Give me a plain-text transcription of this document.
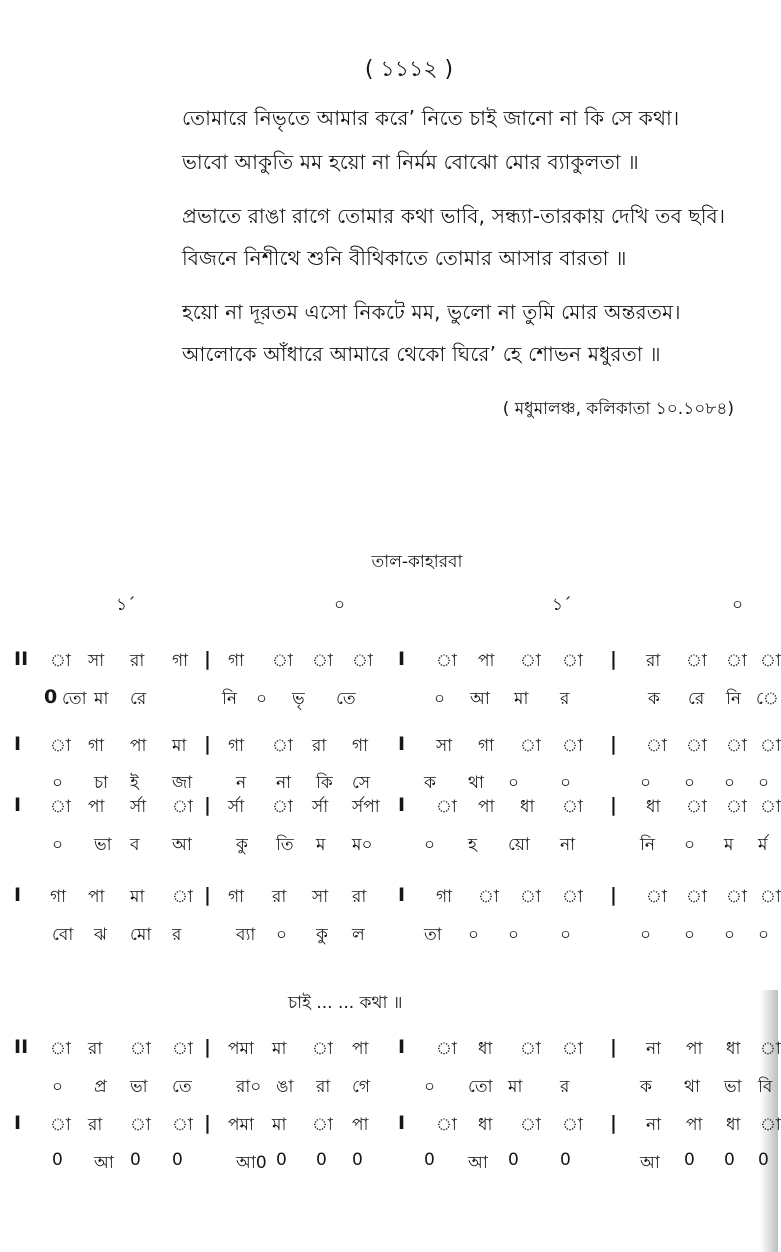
( ১১১২ )
তোমারে নিভৃতে আমার করে’ নিতে চাই জানো না কি সে কথা।
ভাবো আকুতি মম হয়ো না নির্মম বোঝো মোর ব্যাকুলতা ॥
প্রভাতে রাঙা রাগে তোমার কথা ভাবি, সন্ধ্যা-তারকায় দেখি তব ছবি।
বিজনে নিশীথে শুনি বীথিকাতে তোমার আসার বারতা ॥
হয়ো না দূরতম এসো নিকটে মম, ভুলো না তুমি মোর অন্তরতম।
আলোকে আঁধারে আমারে থেকো ঘিরে’ হে শোভন মধুরতা ॥
( মধুমালঞ্চ, কলিকাতা ১০.১০৮৪)
তাল-কাহারবা
১´	০	১´	০
II া সা রা গা | গা া া া I া পা া া | রা া া া
0 তো মা রে	নি ০ ভৃ তে	০ আ মা র	ক রে নি ে
I া গা পা মা | গা া রা গা I সা গা া া | া া া া
০ চা ই জা	ন না কি সে	ক থা ০ ০	০ ০ ০ ০
I া পা র্সা া | র্সা া র্সা র্সপা I া পা ধা া | ধা া া া
০ ভা ব আ	কু তি ম ম০	০ হ য়ো না	নি ০ ম র্ম
I গা পা মা া | গা রা সা রা I গা া া া | া া া া
বো ঝ মো র	ব্যা ০ কু ল	তা ০ ০ ০	০ ০ ০ ০
II া রা া া | পমা মা া পা I া ধা া া | না পা ধা া
০ প্র ভা তে	রা০ ঙা রা গে	০ তো মা র	ক থা ভা বি
I া রা া া | পমা মা া পা I া ধা া া | না পা ধা া
0 আ 0 0	আ0 0 0 0	0 আ 0 0	আ 0 0 0
চাই ... ... কথা ॥
